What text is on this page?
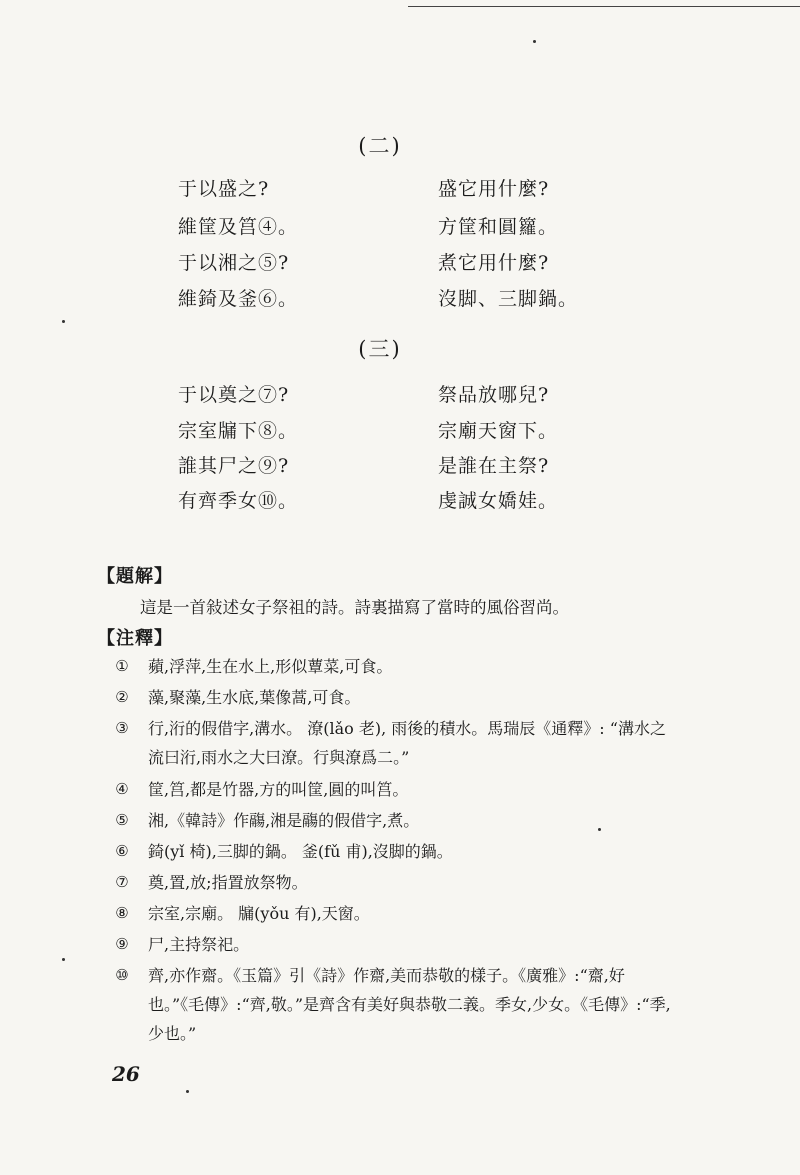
(二)
于以盛之?	盛它用什麼?
維筐及筥④。	方筐和圓籮。
于以湘之⑤?	煮它用什麼?
維錡及釜⑥。	沒脚、三脚鍋。
(三)
于以奠之⑦?	祭品放哪兒?
宗室牖下⑧。	宗廟天窗下。
誰其尸之⑨?	是誰在主祭?
有齊季女⑩。	虔誠女嬌娃。
【題解】
這是一首敍述女子祭祖的詩。詩裏描寫了當時的風俗習尚。
【注釋】
① 蘋,浮萍,生在水上,形似蕈菜,可食。
② 藻,聚藻,生水底,葉像蒿,可食。
③ 行,洐的假借字,溝水。 潦(lǎo 老), 雨後的積水。馬瑞辰《通釋》: “溝水之流曰洐,雨水之大曰潦。行與潦爲二。”
④ 筐,筥,都是竹器,方的叫筐,圓的叫筥。
⑤ 湘,《韓詩》作鬺,湘是鬺的假借字,煮。
⑥ 錡(yǐ 椅),三脚的鍋。 釜(fǔ 甫),沒脚的鍋。
⑦ 奠,置,放;指置放祭物。
⑧ 宗室,宗廟。 牖(yǒu 有),天窗。
⑨ 尸,主持祭祀。
⑩ 齊,亦作齋。《玉篇》引《詩》作齋,美而恭敬的樣子。《廣雅》:“齋,好也。”《毛傳》:“齊,敬。”是齊含有美好與恭敬二義。季女,少女。《毛傳》:“季,少也。”
26
